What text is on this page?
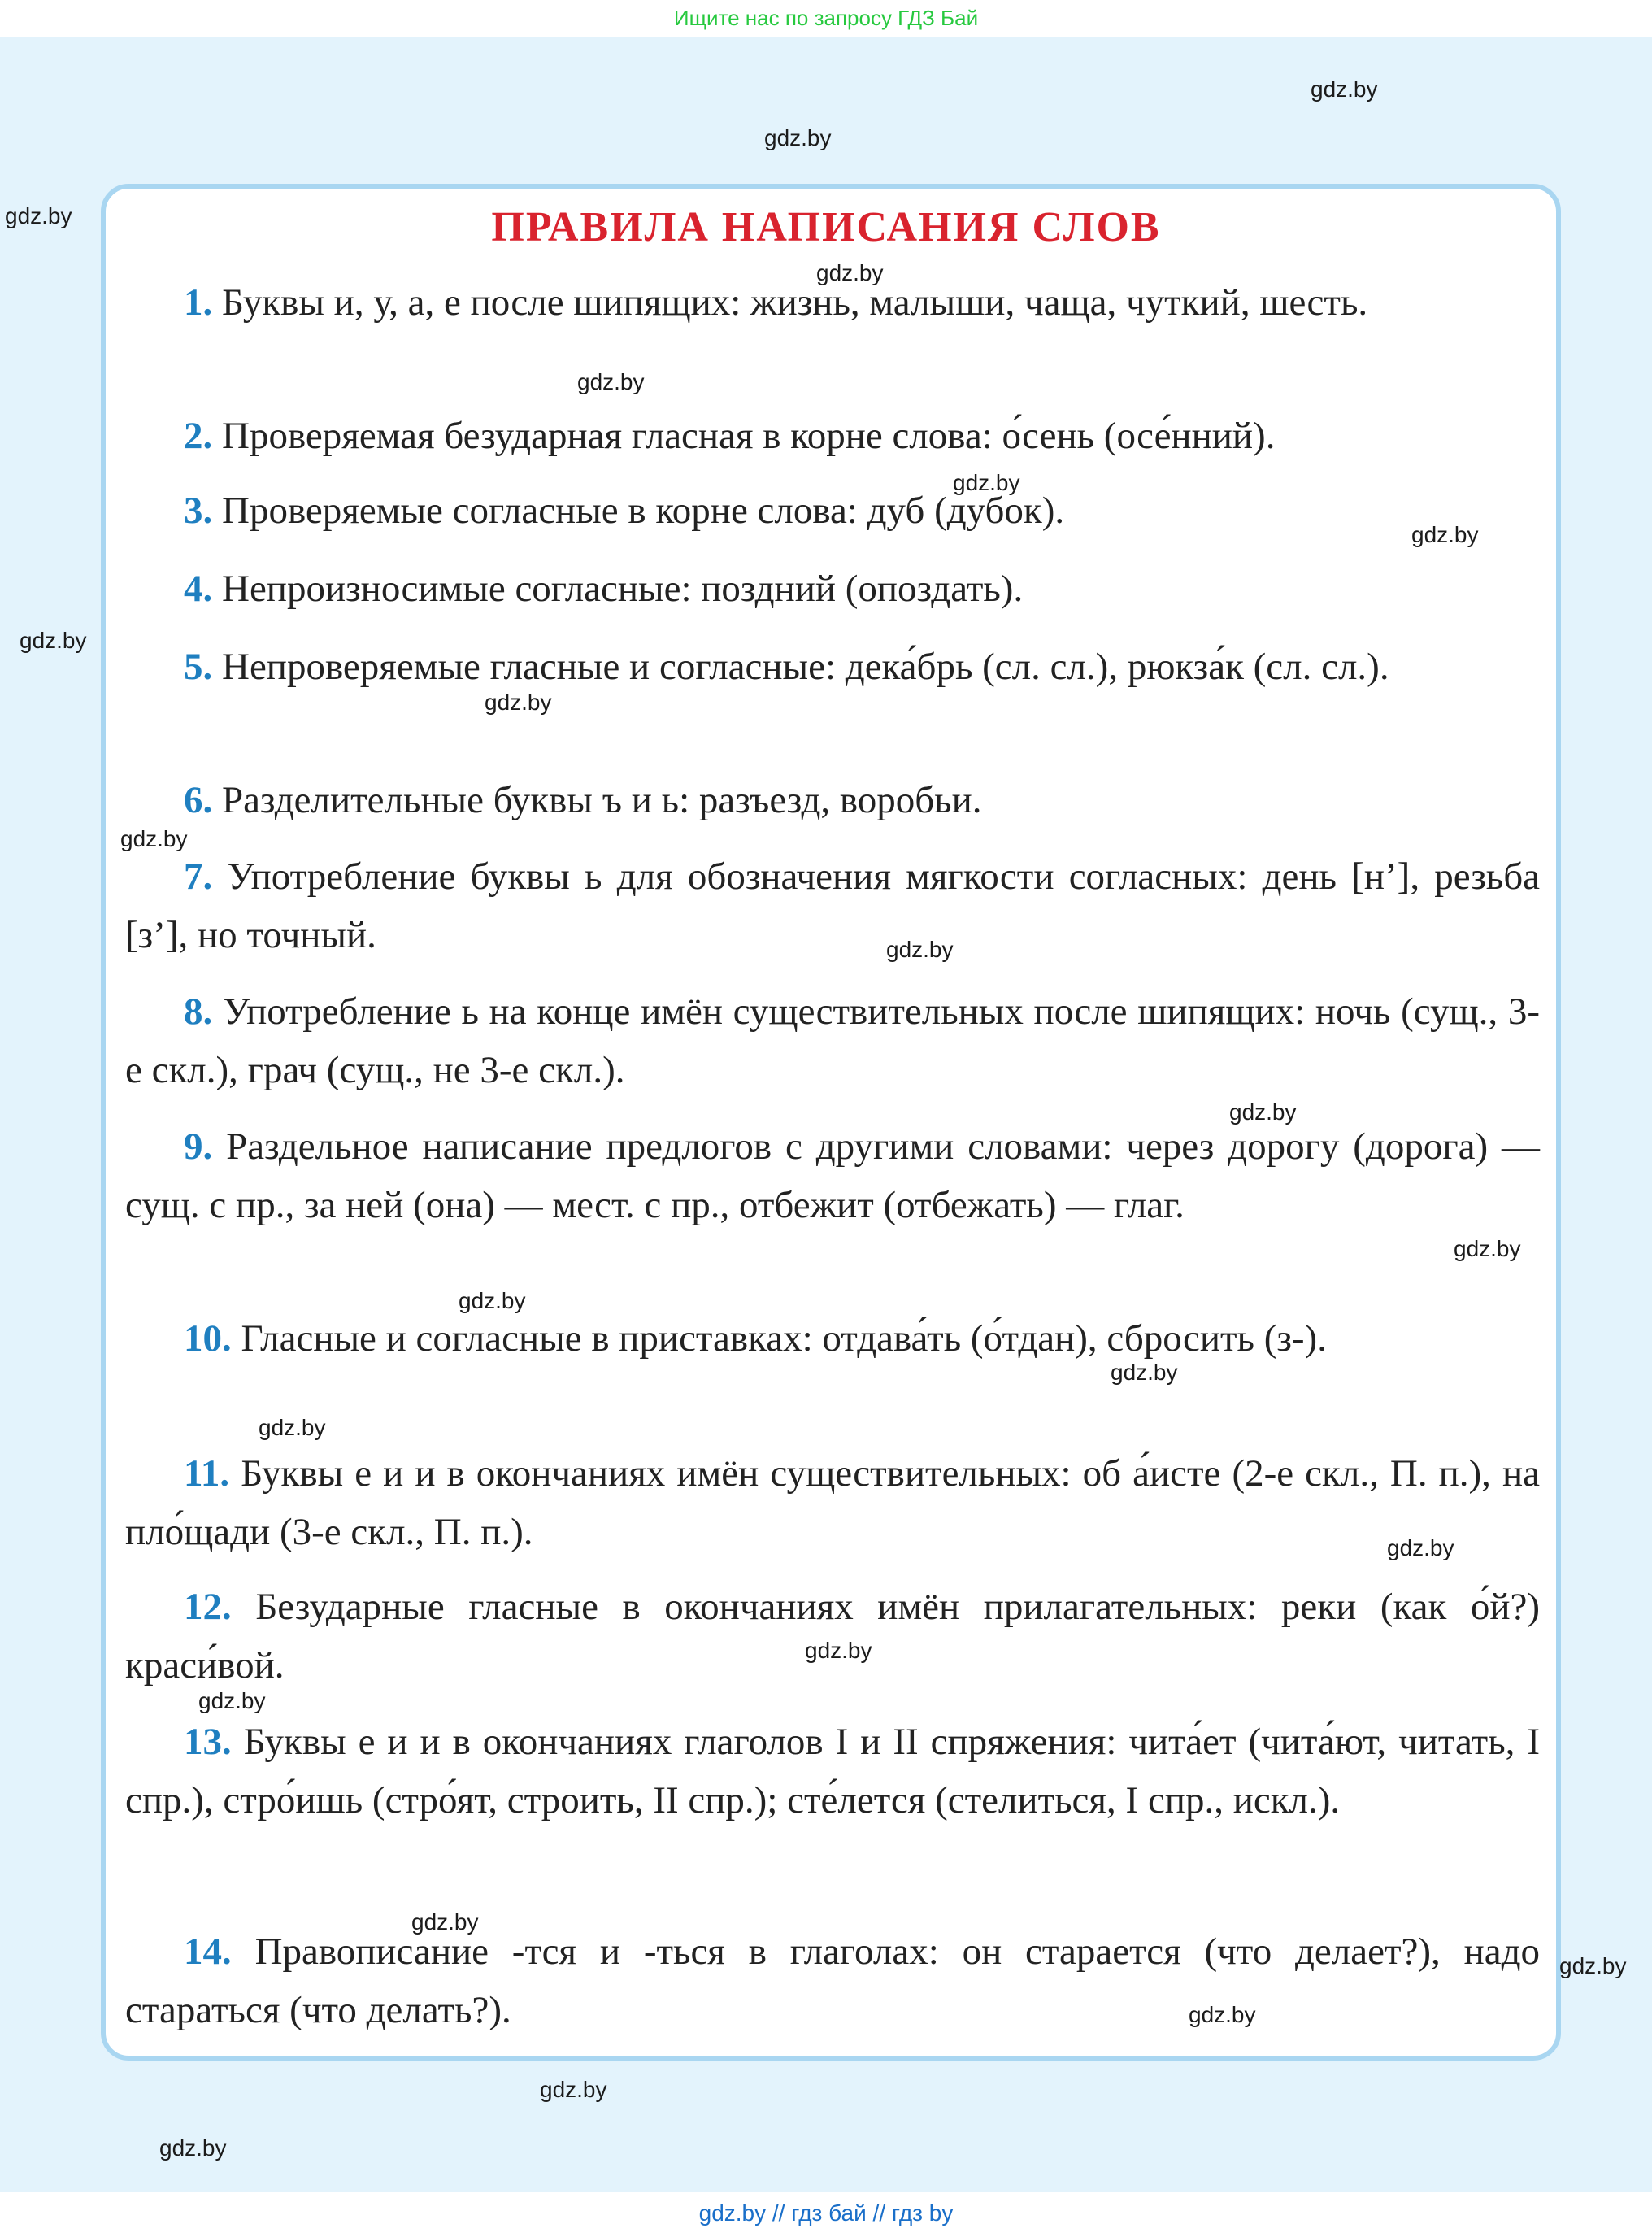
Ищите нас по запросу ГДЗ Бай
ПРАВИЛА НАПИСАНИЯ СЛОВ
gdz.by
gdz.by
gdz.by
gdz.by
gdz.by
gdz.by
gdz.by
gdz.by
gdz.by
gdz.by
gdz.by
gdz.by
gdz.by
gdz.by
gdz.by
gdz.by
gdz.by
gdz.by
gdz.by
gdz.by
gdz.by
gdz.by
gdz.by
gdz.by
1. Буквы и, у, а, е после шипящих: жизнь, малыши, чаща, чуткий, шесть.
2. Проверяемая безударная гласная в корне слова: о́сень (осе́нний).
3. Проверяемые согласные в корне слова: дуб (дубок).
4. Непроизносимые согласные: поздний (опоздать).
5. Непроверяемые гласные и согласные: дека́брь (сл. сл.), рюкза́к (сл. сл.).
6. Разделительные буквы ъ и ь: разъезд, воробьи.
7. Употребление буквы ь для обозначения мягкости согласных: день [н’], резьба [з’], но точный.
8. Употребление ь на конце имён существительных после шипящих: ночь (сущ., 3-е скл.), грач (сущ., не 3-е скл.).
9. Раздельное написание предлогов с другими словами: через дорогу (дорога) — сущ. с пр., за ней (она) — мест. с пр., отбежит (отбежать) — глаг.
10. Гласные и согласные в приставках: отдава́ть (о́тдан), сбросить (з-).
11. Буквы е и и в окончаниях имён существительных: об а́исте (2-е скл., П. п.), на пло́щади (3-е скл., П. п.).
12. Безударные гласные в окончаниях имён прилагательных: реки (как о́й?) краси́вой.
13. Буквы е и и в окончаниях глаголов I и II спряжения: чита́ет (чита́ют, читать, I спр.), стро́ишь (стро́ят, строить, II спр.); сте́лется (стелиться, I спр., искл.).
14. Правописание -тся и -ться в глаголах: он старается (что делает?), надо стараться (что делать?).
gdz.by // гдз бай // гдз by
